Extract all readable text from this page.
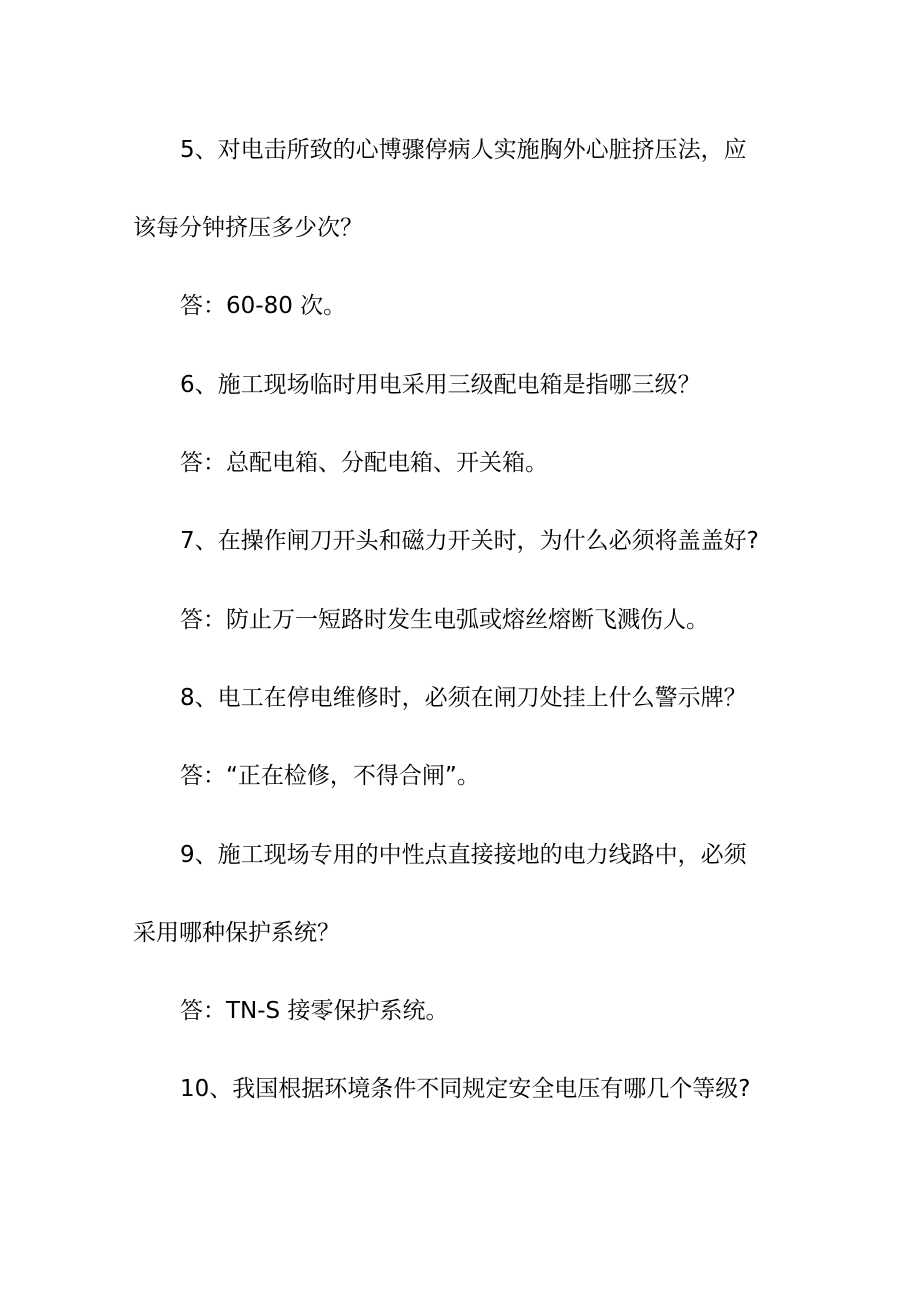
5、对电击所致的心博骤停病人实施胸外心脏挤压法，应
该每分钟挤压多少次？
答：60-80 次。
6、施工现场临时用电采用三级配电箱是指哪三级？
答：总配电箱、分配电箱、开关箱。
7、在操作闸刀开头和磁力开关时，为什么必须将盖盖好?
答：防止万一短路时发生电弧或熔丝熔断飞溅伤人。
8、电工在停电维修时，必须在闸刀处挂上什么警示牌？
答：“正在检修，不得合闸”。
9、施工现场专用的中性点直接接地的电力线路中，必须
采用哪种保护系统？
答：TN-S 接零保护系统。
10、我国根据环境条件不同规定安全电压有哪几个等级?
